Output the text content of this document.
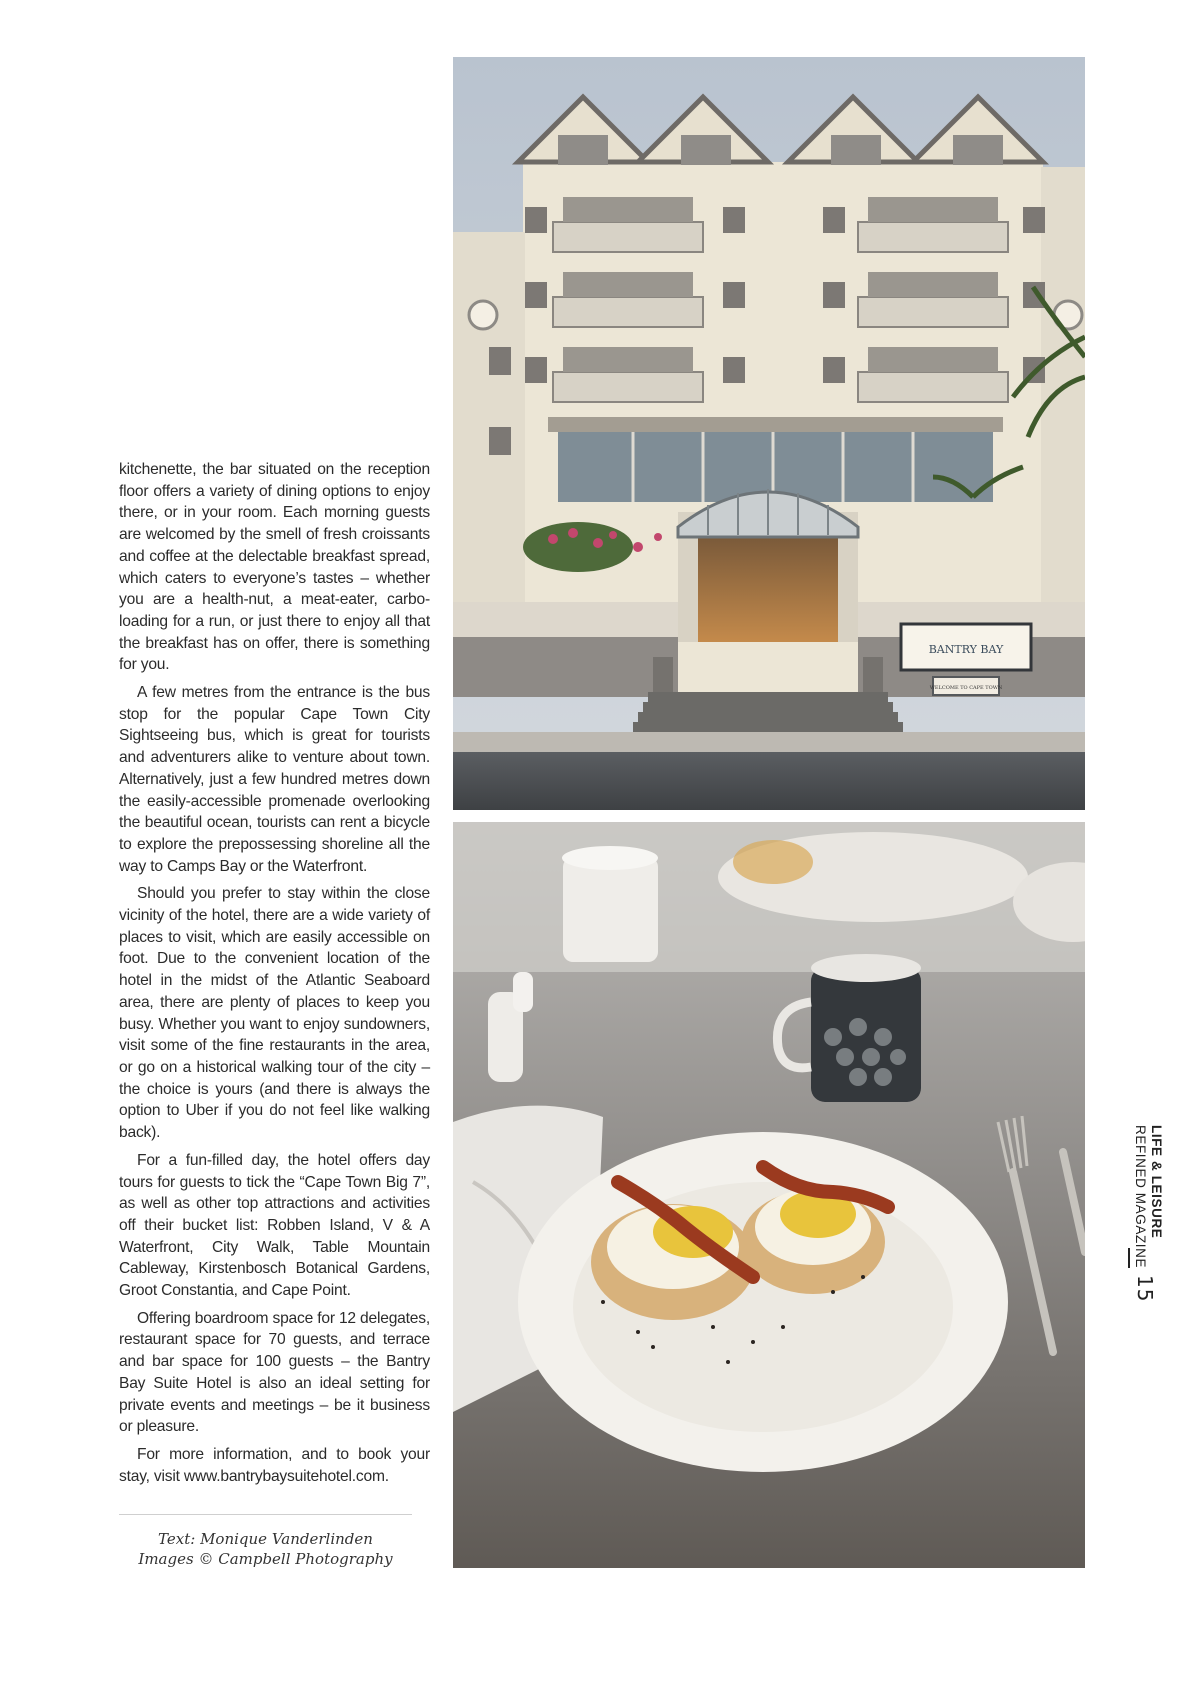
kitchenette, the bar situated on the reception floor offers a variety of dining options to enjoy there, or in your room. Each morning guests are welcomed by the smell of fresh croissants and coffee at the delectable breakfast spread, which caters to everyone’s tastes – whether you are a health-nut, a meat-eater, carbo-loading for a run, or just there to enjoy all that the breakfast has on offer, there is something for you.

A few metres from the entrance is the bus stop for the popular Cape Town City Sightseeing bus, which is great for tourists and adventurers alike to venture about town. Alternatively, just a few hundred metres down the easily-accessible promenade overlooking the beautiful ocean, tourists can rent a bicycle to explore the prepossessing shoreline all the way to Camps Bay or the Waterfront.

Should you prefer to stay within the close vicinity of the hotel, there are a wide variety of places to visit, which are easily accessible on foot. Due to the convenient location of the hotel in the midst of the Atlantic Seaboard area, there are plenty of places to keep you busy. Whether you want to enjoy sundowners, visit some of the fine restaurants in the area, or go on a historical walking tour of the city – the choice is yours (and there is always the option to Uber if you do not feel like walking back).

For a fun-filled day, the hotel offers day tours for guests to tick the “Cape Town Big 7”, as well as other top attractions and activities off their bucket list: Robben Island, V & A Waterfront, City Walk, Table Mountain Cableway, Kirstenbosch Botanical Gardens, Groot Constantia, and Cape Point.

Offering boardroom space for 12 delegates, restaurant space for 70 guests, and terrace and bar space for 100 guests – the Bantry Bay Suite Hotel is also an ideal setting for private events and meetings – be it business or pleasure.

For more information, and to book your stay, visit www.bantrybaysuitehotel.com.

Text: Monique Vanderlinden
Images © Campbell Photography
BANTRY BAY
WELCOME TO CAPE TOWN
LIFE & LEISURE
REFINED MAGAZINE
15
